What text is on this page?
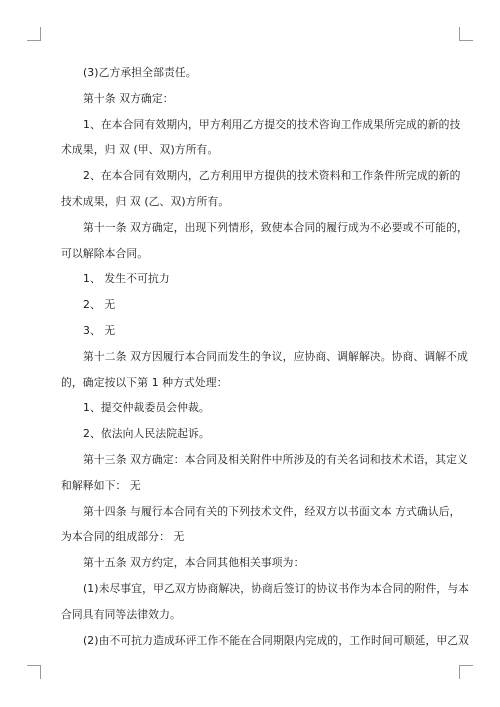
(3)乙方承担全部责任。

第十条 双方确定：

1、在本合同有效期内，甲方利用乙方提交的技术咨询工作成果所完成的新的技

术成果，归 双 (甲、双)方所有。

2、在本合同有效期内，乙方利用甲方提供的技术资料和工作条件所完成的新的

技术成果，归 双 (乙、双)方所有。

第十一条 双方确定，出现下列情形，致使本合同的履行成为不必要或不可能的，

可以解除本合同。

1、 发生不可抗力

2、 无

3、 无

第十二条 双方因履行本合同而发生的争议，应协商、调解解决。协商、调解不成

的，确定按以下第 1 种方式处理：

1、提交仲裁委员会仲裁。

2、依法向人民法院起诉。

第十三条 双方确定：本合同及相关附件中所涉及的有关名词和技术术语，其定义

和解释如下： 无

第十四条 与履行本合同有关的下列技术文件，经双方以书面文本 方式确认后，

为本合同的组成部分： 无

第十五条 双方约定，本合同其他相关事项为：

(1)未尽事宜，甲乙双方协商解决，协商后签订的协议书作为本合同的附件，与本

合同具有同等法律效力。

(2)由不可抗力造成环评工作不能在合同期限内完成的，工作时间可顺延，甲乙双
